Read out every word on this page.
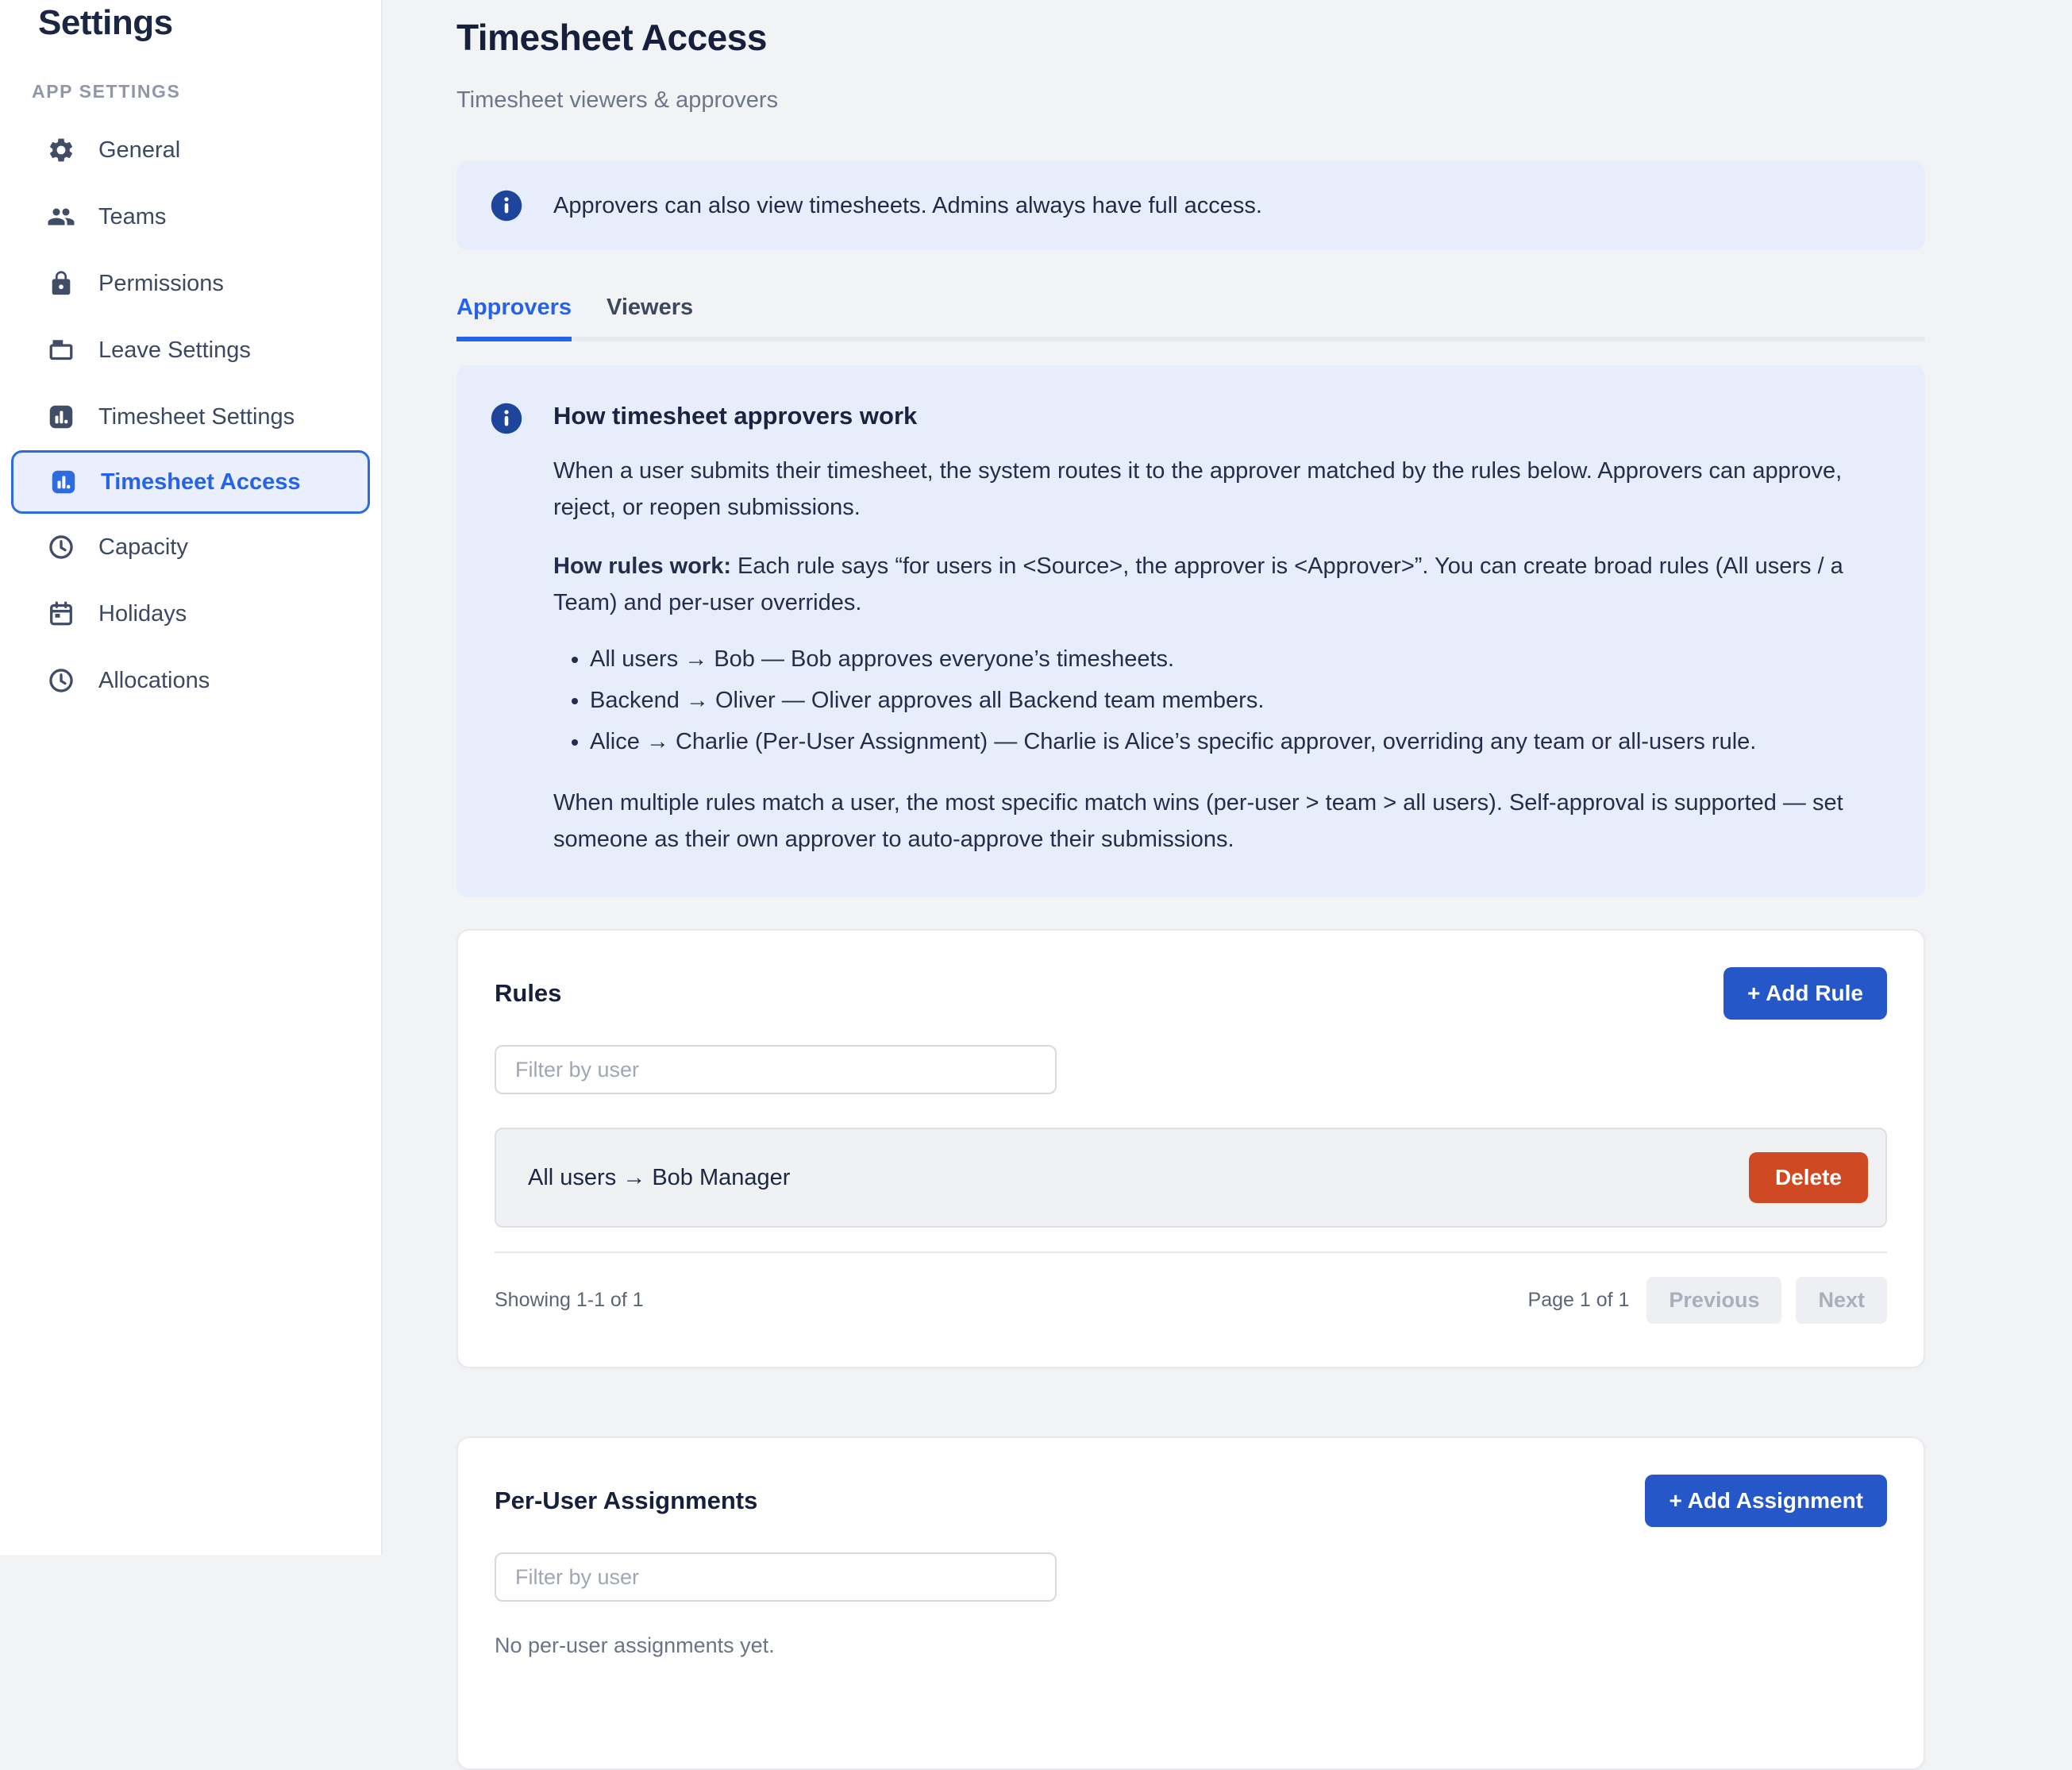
Settings
APP SETTINGS
General
Teams
Permissions
Leave Settings
Timesheet Settings
Timesheet Access
Capacity
Holidays
Allocations
Timesheet Access
Timesheet viewers & approvers
Approvers can also view timesheets. Admins always have full access.
Approvers Viewers
How timesheet approvers work

When a user submits their timesheet, the system routes it to the approver matched by the rules below. Approvers can approve, reject, or reopen submissions.

How rules work: Each rule says “for users in <Source>, the approver is <Approver>”. You can create broad rules (All users / a Team) and per-user overrides.

• All users → Bob — Bob approves everyone’s timesheets.
• Backend → Oliver — Oliver approves all Backend team members.
• Alice → Charlie (Per-User Assignment) — Charlie is Alice’s specific approver, overriding any team or all-users rule.

When multiple rules match a user, the most specific match wins (per-user > team > all users). Self-approval is supported — set someone as their own approver to auto-approve their submissions.

Rules	+ Add Rule
Filter by user
All users → Bob Manager	Delete
Showing 1-1 of 1	Page 1 of 1	Previous	Next
Per-User Assignments	+ Add Assignment
Filter by user
No per-user assignments yet.
